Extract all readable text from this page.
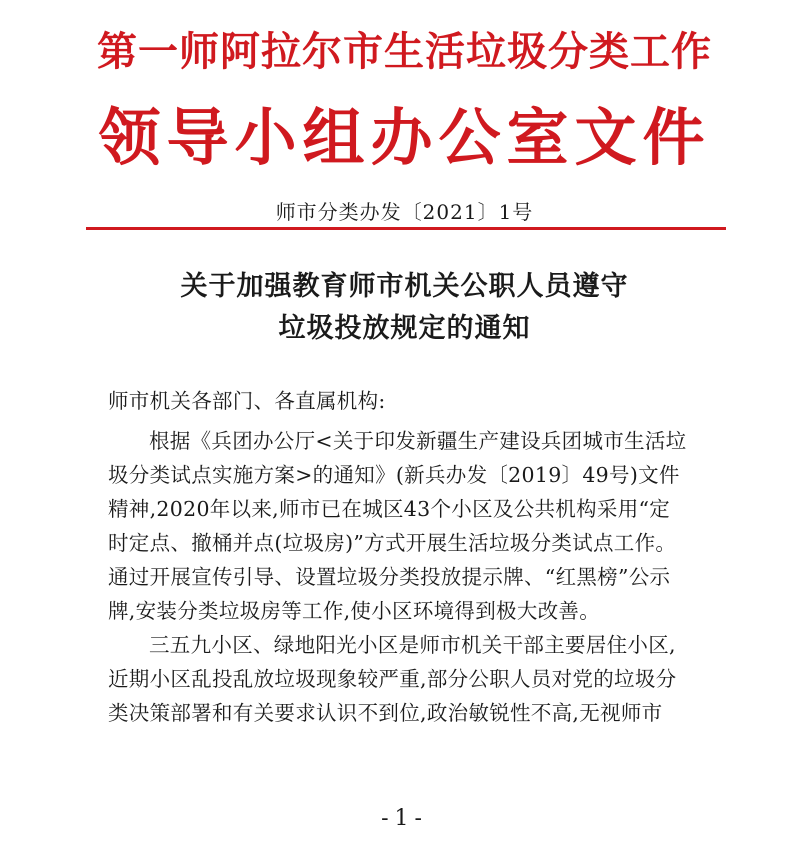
第一师阿拉尔市生活垃圾分类工作
领导小组办公室文件
师市分类办发〔2021〕1号
关于加强教育师市机关公职人员遵守
垃圾投放规定的通知
师市机关各部门、各直属机构:
根据《兵团办公厅<关于印发新疆生产建设兵团城市生活垃
圾分类试点实施方案>的通知》(新兵办发〔2019〕49号)文件
精神,2020年以来,师市已在城区43个小区及公共机构采用“定
时定点、撤桶并点(垃圾房)”方式开展生活垃圾分类试点工作。
通过开展宣传引导、设置垃圾分类投放提示牌、“红黑榜”公示
牌,安装分类垃圾房等工作,使小区环境得到极大改善。
三五九小区、绿地阳光小区是师市机关干部主要居住小区,
近期小区乱投乱放垃圾现象较严重,部分公职人员对党的垃圾分
类决策部署和有关要求认识不到位,政治敏锐性不高,无视师市
-1-
